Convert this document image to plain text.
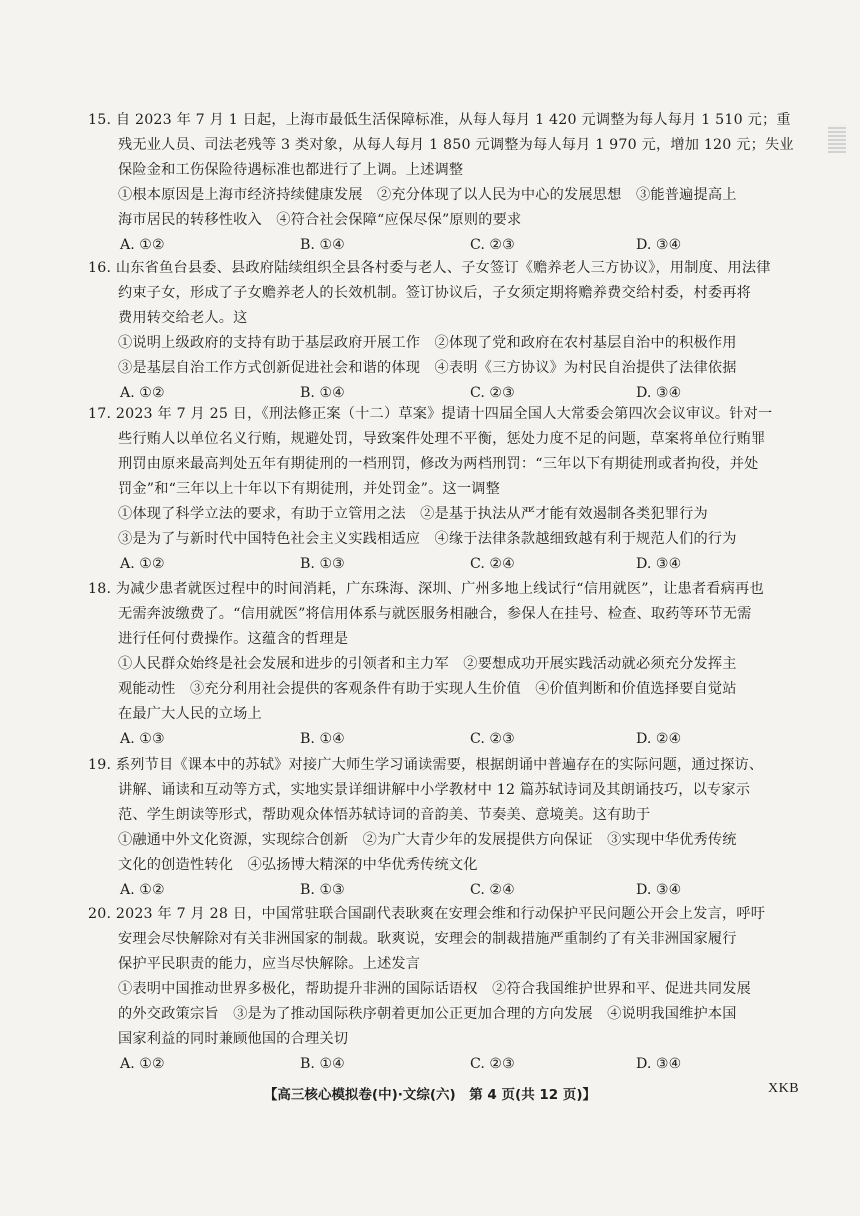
15. 自 2023 年 7 月 1 日起，上海市最低生活保障标准，从每人每月 1 420 元调整为每人每月 1 510 元；重
残无业人员、司法老残等 3 类对象，从每人每月 1 850 元调整为每人每月 1 970 元，增加 120 元；失业
保险金和工伤保险待遇标准也都进行了上调。上述调整
①根本原因是上海市经济持续健康发展　②充分体现了以人民为中心的发展思想　③能普遍提高上
海市居民的转移性收入　④符合社会保障“应保尽保”原则的要求
A. ①②	B. ①④	C. ②③	D. ③④
16. 山东省鱼台县委、县政府陆续组织全县各村委与老人、子女签订《赡养老人三方协议》，用制度、用法律
约束子女，形成了子女赡养老人的长效机制。签订协议后，子女须定期将赡养费交给村委，村委再将
费用转交给老人。这
①说明上级政府的支持有助于基层政府开展工作　②体现了党和政府在农村基层自治中的积极作用
③是基层自治工作方式创新促进社会和谐的体现　④表明《三方协议》为村民自治提供了法律依据
A. ①②	B. ①④	C. ②③	D. ③④
17. 2023 年 7 月 25 日，《刑法修正案（十二）草案》提请十四届全国人大常委会第四次会议审议。针对一
些行贿人以单位名义行贿，规避处罚，导致案件处理不平衡，惩处力度不足的问题，草案将单位行贿罪
刑罚由原来最高判处五年有期徒刑的一档刑罚，修改为两档刑罚：“三年以下有期徒刑或者拘役，并处
罚金”和“三年以上十年以下有期徒刑，并处罚金”。这一调整
①体现了科学立法的要求，有助于立管用之法　②是基于执法从严才能有效遏制各类犯罪行为
③是为了与新时代中国特色社会主义实践相适应　④缘于法律条款越细致越有利于规范人们的行为
A. ①②	B. ①③	C. ②④	D. ③④
18. 为减少患者就医过程中的时间消耗，广东珠海、深圳、广州多地上线试行“信用就医”，让患者看病再也
无需奔波缴费了。“信用就医”将信用体系与就医服务相融合，参保人在挂号、检查、取药等环节无需
进行任何付费操作。这蕴含的哲理是
①人民群众始终是社会发展和进步的引领者和主力军　②要想成功开展实践活动就必须充分发挥主
观能动性　③充分利用社会提供的客观条件有助于实现人生价值　④价值判断和价值选择要自觉站
在最广大人民的立场上
A. ①③	B. ①④	C. ②③	D. ②④
19. 系列节目《课本中的苏轼》对接广大师生学习诵读需要，根据朗诵中普遍存在的实际问题，通过探访、
讲解、诵读和互动等方式，实地实景详细讲解中小学教材中 12 篇苏轼诗词及其朗诵技巧，以专家示
范、学生朗读等形式，帮助观众体悟苏轼诗词的音韵美、节奏美、意境美。这有助于
①融通中外文化资源，实现综合创新　②为广大青少年的发展提供方向保证　③实现中华优秀传统
文化的创造性转化　④弘扬博大精深的中华优秀传统文化
A. ①②	B. ①③	C. ②④	D. ③④
20. 2023 年 7 月 28 日，中国常驻联合国副代表耿爽在安理会维和行动保护平民问题公开会上发言，呼吁
安理会尽快解除对有关非洲国家的制裁。耿爽说，安理会的制裁措施严重制约了有关非洲国家履行
保护平民职责的能力，应当尽快解除。上述发言
①表明中国推动世界多极化，帮助提升非洲的国际话语权　②符合我国维护世界和平、促进共同发展
的外交政策宗旨　③是为了推动国际秩序朝着更加公正更加合理的方向发展　④说明我国维护本国
国家利益的同时兼顾他国的合理关切
A. ①②	B. ①④	C. ②③	D. ③④
【高三核心模拟卷(中)·文综(六)　第 4 页(共 12 页)】	XKB
